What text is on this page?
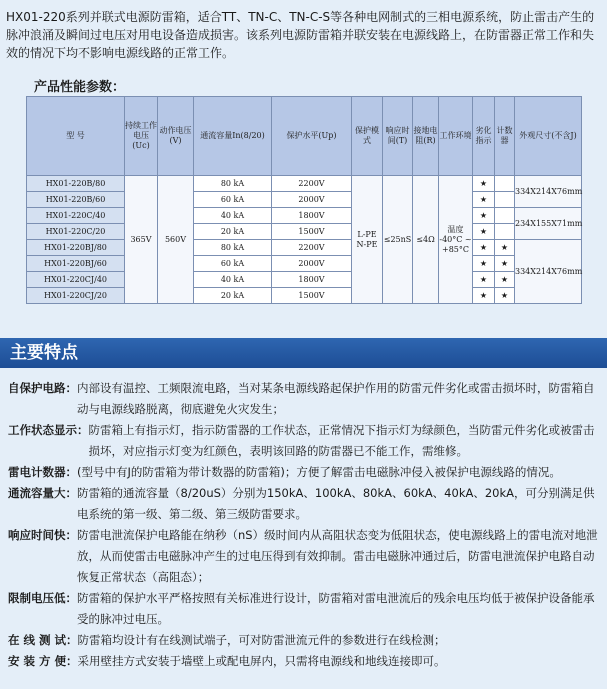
HX01-220系列并联式电源防雷箱，适合TT、TN-C、TN-C-S等各种电网制式的三相电源系统，防止雷击产生的脉冲浪涌及瞬间过电压对用电设备造成损害。该系列电源防雷箱并联安装在电源线路上，在防雷器正常工作和失效的情况下均不影响电源线路的正常工作。
产品性能参数：
型 号	持续工作电压(Uc)	动作电压(V)	通流容量In(8/20)	保护水平(Up)	保护模式	响应时间(T)	接地电阻(R)	工作环境	劣化指示	计数器	外观尺寸(不含J)
HX01-220B/80	365V	560V	80 kA	2200V	L-PE N-PE	≤25nS	≤4Ω	温度 -40°C ~ +85°C	★		334X214X76mm
HX01-220B/60			60 kA	2000V					★		
HX01-220C/40			40 kA	1800V					★		234X155X71mm
HX01-220C/20			20 kA	1500V					★		
HX01-220BJ/80			80 kA	2200V					★	★	334X214X76mm
HX01-220BJ/60			60 kA	2000V					★	★	
HX01-220CJ/40			40 kA	1800V					★	★	
HX01-220CJ/20			20 kA	1500V					★	★	
主要特点
自保护电路： 内部设有温控、工频限流电路，当对某条电源线路起保护作用的防雷元件劣化或雷击损坏时，防雷箱自动与电源线路脱离，彻底避免火灾发生；
工作状态显示： 防雷箱上有指示灯，指示防雷器的工作状态，正常情况下指示灯为绿颜色，当防雷元件劣化或被雷击损坏，对应指示灯变为红颜色，表明该回路的防雷器已不能工作，需维修。
雷电计数器： (型号中有J的防雷箱为带计数器的防雷箱)；方便了解雷击电磁脉冲侵入被保护电源线路的情况。
通流容量大： 防雷箱的通流容量（8/20uS）分别为150kA、100kA、80kA、60kA、40kA、20kA，可分别满足供电系统的第一级、第二级、第三级防雷要求。
响应时间快： 防雷电泄流保护电路能在纳秒（nS）级时间内从高阻状态变为低阻状态，使电源线路上的雷电流对地泄放，从而使雷击电磁脉冲产生的过电压得到有效抑制。雷击电磁脉冲通过后，防雷电泄流保护电路自动恢复正常状态（高阻态）；
限制电压低： 防雷箱的保护水平严格按照有关标准进行设计，防雷箱对雷电泄流后的残余电压均低于被保护设备能承受的脉冲过电压。
在 线 测 试： 防雷箱均设计有在线测试端子，可对防雷泄流元件的参数进行在线检测；
安 装 方 便： 采用壁挂方式安装于墙壁上或配电屏内，只需将电源线和地线连接即可。
